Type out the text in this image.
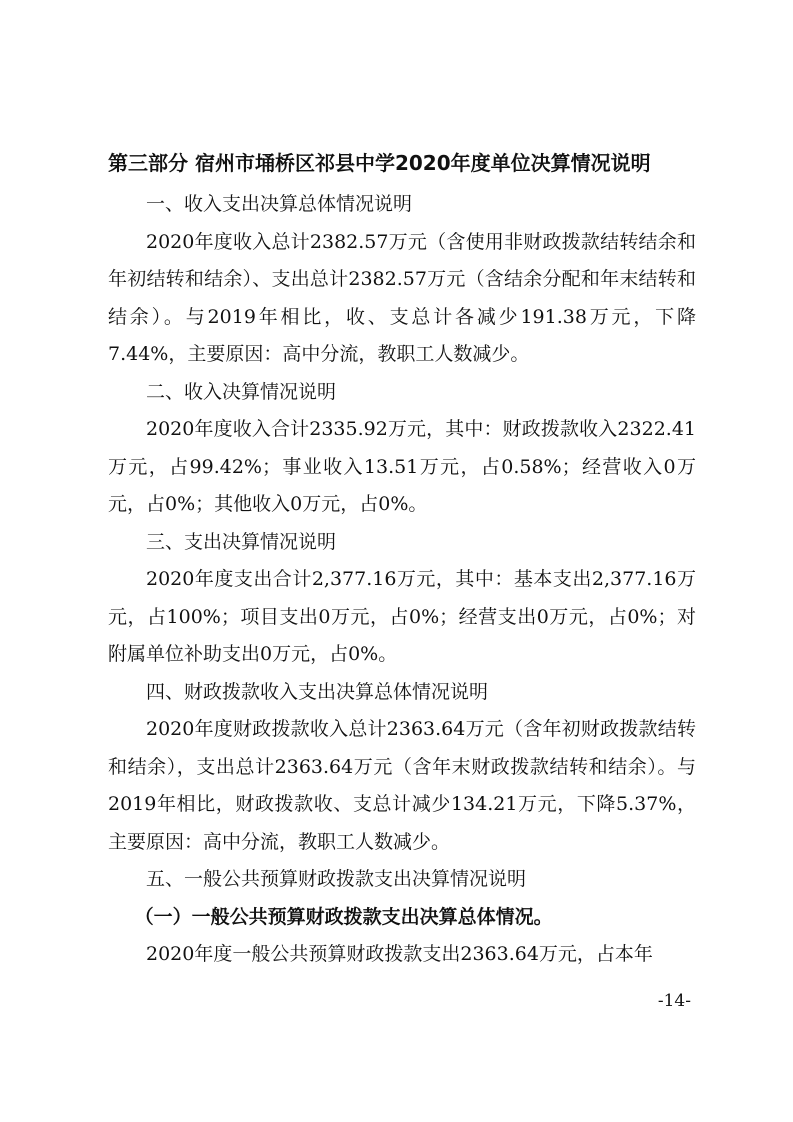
第三部分 宿州市埇桥区祁县中学2020年度单位决算情况说明

一、收入支出决算总体情况说明

2020年度收入总计2382.57万元（含使用非财政拨款结转结余和年初结转和结余）、支出总计2382.57万元（含结余分配和年末结转和结余）。与2019年相比，收、支总计各减少191.38万元，下降7.44%，主要原因：高中分流，教职工人数减少。

二、收入决算情况说明

2020年度收入合计2335.92万元，其中：财政拨款收入2322.41万元，占99.42%；事业收入13.51万元，占0.58%；经营收入0万元，占0%；其他收入0万元，占0%。

三、支出决算情况说明

2020年度支出合计2,377.16万元，其中：基本支出2,377.16万元，占100%；项目支出0万元，占0%；经营支出0万元，占0%；对附属单位补助支出0万元，占0%。

四、财政拨款收入支出决算总体情况说明

2020年度财政拨款收入总计2363.64万元（含年初财政拨款结转和结余），支出总计2363.64万元（含年末财政拨款结转和结余）。与2019年相比，财政拨款收、支总计减少134.21万元，下降5.37%，主要原因：高中分流，教职工人数减少。

五、一般公共预算财政拨款支出决算情况说明

（一）一般公共预算财政拨款支出决算总体情况。

2020年度一般公共预算财政拨款支出2363.64万元，占本年

-14-
